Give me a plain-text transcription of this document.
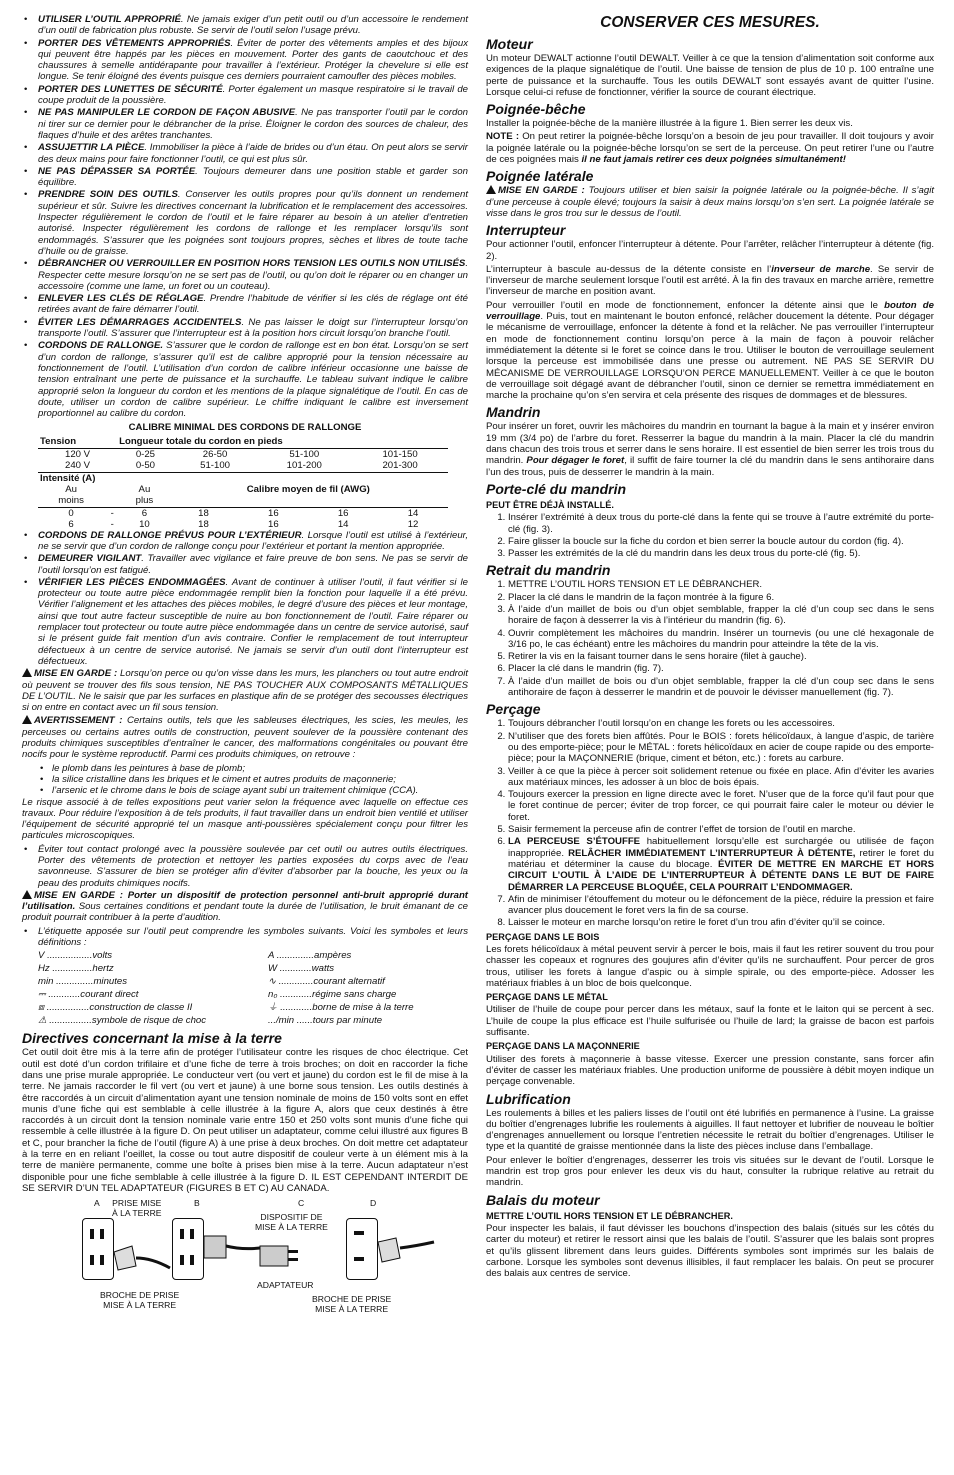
• UTILISER L’OUTIL APPROPRIÉ. Ne jamais exiger d’un petit outil ou d’un accessoire le rendement d’un outil de fabrication plus robuste. Se servir de l’outil selon l’usage prévu.
• PORTER DES VÊTEMENTS APPROPRIÉS. Éviter de porter des vêtements amples et des bijoux qui peuvent être happés par les pièces en mouvement. Porter des gants de caoutchouc et des chaussures à semelle antidérapante pour travailler à l’extérieur. Protéger la chevelure si elle est longue. Se tenir éloigné des évents puisque ces derniers pourraient camoufler des pièces mobiles.
• PORTER DES LUNETTES DE SÉCURITÉ. Porter également un masque respiratoire si le travail de coupe produit de la poussière.
• NE PAS MANIPULER LE CORDON DE FAÇON ABUSIVE. Ne pas transporter l’outil par le cordon ni tirer sur ce dernier pour le débrancher de la prise. Éloigner le cordon des sources de chaleur, des flaques d’huile et des arêtes tranchantes.
• ASSUJETTIR LA PIÈCE. Immobiliser la pièce à l’aide de brides ou d’un étau. On peut alors se servir des deux mains pour faire fonctionner l’outil, ce qui est plus sûr.
• NE PAS DÉPASSER SA PORTÉE. Toujours demeurer dans une position stable et garder son équilibre.
• PRENDRE SOIN DES OUTILS. Conserver les outils propres pour qu’ils donnent un rendement supérieur et sûr. Suivre les directives concernant la lubrification et le remplacement des accessoires. Inspecter régulièrement le cordon de l’outil et le faire réparer au besoin à un atelier d’entretien autorisé. Inspecter régulièrement les cordons de rallonge et les remplacer lorsqu’ils sont endommagés. S’assurer que les poignées sont toujours propres, sèches et libres de toute tache d’huile ou de graisse.
• DÉBRANCHER OU VERROUILLER EN POSITION HORS TENSION LES OUTILS NON UTILISÉS. Respecter cette mesure lorsqu’on ne se sert pas de l’outil, ou qu’on doit le réparer ou en changer un accessoire (comme une lame, un foret ou un couteau).
• ENLEVER LES CLÉS DE RÉGLAGE. Prendre l’habitude de vérifier si les clés de réglage ont été retirées avant de faire démarrer l’outil.
• ÉVITER LES DÉMARRAGES ACCIDENTELS. Ne pas laisser le doigt sur l’interrupteur lorsqu’on transporte l’outil. S’assurer que l’interrupteur est à la position hors circuit lorsqu’on branche l’outil.
• CORDONS DE RALLONGE. S’assurer que le cordon de rallonge est en bon état. Lorsqu’on se sert d’un cordon de rallonge, s’assurer qu’il est de calibre approprié pour la tension nécessaire au fonctionnement de l’outil. L’utilisation d’un cordon de calibre inférieur occasionne une baisse de tension entraînant une perte de puissance et la surchauffe. Le tableau suivant indique le calibre approprié selon la longueur du cordon et les mentions de la plaque signalétique de l’outil. En cas de doute, utiliser un cordon de calibre supérieur. Le chiffre indiquant le calibre est inversement proportionnel au calibre du cordon.
CALIBRE MINIMAL DES CORDONS DE RALLONGE
Tension	Longueur totale du cordon en pieds			

120 V	0-25	26-50	51-100	101-150
240 V	0-50	51-100	101-200	201-300

Intensité (A)						
Au		Au	Calibre moyen de fil (AWG)			
moins		plus				

0	-	6	18	16	16	14
6	-	10	18	16	14	12
• CORDONS DE RALLONGE PRÉVUS POUR L’EXTÉRIEUR. Lorsque l’outil est utilisé à l’extérieur, ne se servir que d’un cordon de rallonge conçu pour l’extérieur et portant la mention appropriée.
• DEMEURER VIGILANT. Travailler avec vigilance et faire preuve de bon sens. Ne pas se servir de l’outil lorsqu’on est fatigué.
• VÉRIFIER LES PIÈCES ENDOMMAGÉES. Avant de continuer à utiliser l’outil, il faut vérifier si le protecteur ou toute autre pièce endommagée remplit bien la fonction pour laquelle il a été prévu. Vérifier l’alignement et les attaches des pièces mobiles, le degré d’usure des pièces et leur montage, ainsi que tout autre facteur susceptible de nuire au bon fonctionnement de l’outil. Faire réparer ou remplacer tout protecteur ou toute autre pièce endommagée dans un centre de service autorisé, sauf si le présent guide fait mention d’un avis contraire. Confier le remplacement de tout interrupteur défectueux à un centre de service autorisé. Ne jamais se servir d’un outil dont l’interrupteur est défectueux.

MISE EN GARDE : Lorsqu’on perce ou qu’on visse dans les murs, les planchers ou tout autre endroit où peuvent se trouver des fils sous tension, NE PAS TOUCHER AUX COMPOSANTS MÉTALLIQUES DE L’OUTIL. Ne le saisir que par les surfaces en plastique afin de se protéger des secousses électriques si on entre en contact avec un fil sous tension.

AVERTISSEMENT : Certains outils, tels que les sableuses électriques, les scies, les meules, les perceuses ou certains autres outils de construction, peuvent soulever de la poussière contenant des produits chimiques susceptibles d’entraîner le cancer, des malformations congénitales ou pouvant être nocifs pour le système reproductif. Parmi ces produits chimiques, on retrouve :

• le plomb dans les peintures à base de plomb;
• la silice cristalline dans les briques et le ciment et autres produits de maçonnerie;
• l’arsenic et le chrome dans le bois de sciage ayant subi un traitement chimique (CCA).

Le risque associé à de telles expositions peut varier selon la fréquence avec laquelle on effectue ces travaux. Pour réduire l’exposition à de tels produits, il faut travailler dans un endroit bien ventilé et utiliser l’équipement de sécurité approprié tel un masque anti-poussières spécialement conçu pour filtrer les particules microscopiques.

• Éviter tout contact prolongé avec la poussière soulevée par cet outil ou autres outils électriques. Porter des vêtements de protection et nettoyer les parties exposées du corps avec de l’eau savonneuse. S’assurer de bien se protéger afin d’éviter d’absorber par la bouche, les yeux ou la peau des produits chimiques nocifs.

MISE EN GARDE : Porter un dispositif de protection personnel anti-bruit approprié durant l’utilisation. Sous certaines conditions et pendant toute la durée de l’utilisation, le bruit émanant de ce produit pourrait contribuer à la perte d’audition.

• L’étiquette apposée sur l’outil peut comprendre les symboles suivants. Voici les symboles et leurs définitions :
V .................volts	A ..............ampères
Hz ...............hertz	W ............watts
min ..............minutes	∿ .............courant alternatif
⎓ ............courant direct	n₀ ............régime sans charge
⧈ ................construction de classe II	⏚ ............borne de mise à la terre
⚠ ................symbole de risque de choc	.../min ......tours par minute
Directives concernant la mise à la terre

Cet outil doit être mis à la terre afin de protéger l’utilisateur contre les risques de choc électrique. Cet outil est doté d’un cordon trifilaire et d’une fiche de terre à trois broches; on doit en raccorder la fiche dans une prise murale appropriée. Le conducteur vert (ou vert et jaune) du cordon est le fil de mise à la terre. Ne jamais raccorder le fil vert (ou vert et jaune) à une borne sous tension. Les outils destinés à être raccordés à un circuit d’alimentation ayant une tension nominale de moins de 150 volts sont en effet munis d’une fiche qui est semblable à celle illustrée à la figure A, alors que ceux destinés à être raccordés à un circuit dont la tension nominale varie entre 150 et 250 volts sont munis d’une fiche qui ressemble à celle illustrée à la figure D. On peut utiliser un adaptateur, comme celui illustré aux figures B et C, pour brancher la fiche de l’outil (figure A) à une prise à deux broches. On doit mettre cet adaptateur à la terre en en reliant l’oeillet, la cosse ou tout autre dispositif de couleur verte à un élément mis à la terre de manière permanente, comme une boîte à prises bien mise à la terre. Aucun adaptateur n’est disponible pour une fiche semblable à celle illustrée à la figure D. IL EST CEPENDANT INTERDIT DE SE SERVIR D’UN TEL ADAPTATEUR (FIGURES B ET C) AU CANADA.

A PRISE MISE
À LA TERRE
B	C
DISPOSITIF DE
MISE À LA TERRE
D
ADAPTATEUR
BROCHE DE PRISE
MISE À LA TERRE
BROCHE DE PRISE
MISE À LA TERRE
CONSERVER CES MESURES.
Moteur

Un moteur DEWALT actionne l’outil DEWALT. Veiller à ce que la tension d’alimentation soit conforme aux exigences de la plaque signalétique de l’outil. Une baisse de tension de plus de 10 p. 100 entraîne une perte de puissance et la surchauffe. Tous les outils DEWALT sont essayés avant de quitter l’usine. Lorsque celui-ci refuse de fonctionner, vérifier la source de courant électrique.

Poignée-bêche

Installer la poignée-bêche de la manière illustrée à la figure 1. Bien serrer les deux vis.

NOTE : On peut retirer la poignée-bêche lorsqu’on a besoin de jeu pour travailler. Il doit toujours y avoir la poignée latérale ou la poignée-bêche lorsqu’on se sert de la perceuse. On peut retirer l’une ou l’autre de ces poignées mais il ne faut jamais retirer ces deux poignées simultanément!

Poignée latérale

MISE EN GARDE : Toujours utiliser et bien saisir la poignée latérale ou la poignée-bêche. Il s’agit d’une perceuse à couple élevé; toujours la saisir à deux mains lorsqu’on s’en sert. La poignée latérale se visse dans le gros trou sur le dessus de l’outil.

Interrupteur

Pour actionner l’outil, enfoncer l’interrupteur à détente. Pour l’arrêter, relâcher l’interrupteur à détente (fig. 2).

L’interrupteur à bascule au-dessus de la détente consiste en l’inverseur de marche. Se servir de l’inverseur de marche seulement lorsque l’outil est arrêté. À la fin des travaux en marche arrière, remettre l’inverseur de marche en position avant.

Pour verrouiller l’outil en mode de fonctionnement, enfoncer la détente ainsi que le bouton de verrouillage. Puis, tout en maintenant le bouton enfoncé, relâcher doucement la détente. Pour dégager le mécanisme de verrouillage, enfoncer la détente à fond et la relâcher. Ne pas verrouiller l’interrupteur en mode de fonctionnement continu lorsqu’on perce à la main de façon à pouvoir relâcher immédiatement la détente si le foret se coince dans le trou. Utiliser le bouton de verrouillage seulement lorsque la perceuse est immobilisée dans une presse ou autrement. NE PAS SE SERVIR DU MÉCANISME DE VERROUILLAGE LORSQU’ON PERCE MANUELLEMENT. Veiller à ce que le bouton de verrouillage soit dégagé avant de débrancher l’outil, sinon ce dernier se remettra immédiatement en marche la prochaine qu’on s’en servira et cela présente des risques de dommages et de blessures.

Mandrin

Pour insérer un foret, ouvrir les mâchoires du mandrin en tournant la bague à la main et y insérer environ 19 mm (3/4 po) de l’arbre du foret. Resserrer la bague du mandrin à la main. Placer la clé du mandrin dans chacun des trois trous et serrer dans le sens horaire. Il est essentiel de bien serrer les trois trous du mandrin. Pour dégager le foret, il suffit de faire tourner la clé du mandrin dans le sens antihoraire dans l’un des trous, puis de desserrer le mandrin à la main.

Porte-clé du mandrin
PEUT ÊTRE DÉJÀ INSTALLÉ.
1. Insérer l’extrémité à deux trous du porte-clé dans la fente qui se trouve à l’autre extrémité du porte-clé (fig. 3).
2. Faire glisser la boucle sur la fiche du cordon et bien serrer la boucle autour du cordon (fig. 4).
3. Passer les extrémités de la clé du mandrin dans les deux trous du porte-clé (fig. 5).
Retrait du mandrin
1. METTRE L’OUTIL HORS TENSION ET LE DÉBRANCHER.
2. Placer la clé dans le mandrin de la façon montrée à la figure 6.
3. À l’aide d’un maillet de bois ou d’un objet semblable, frapper la clé d’un coup sec dans le sens horaire de façon à desserrer la vis à l’intérieur du mandrin (fig. 6).
4. Ouvrir complètement les mâchoires du mandrin. Insérer un tournevis (ou une clé hexagonale de 3/16 po, le cas échéant) entre les mâchoires du mandrin pour atteindre la tête de la vis.
5. Retirer la vis en la faisant tourner dans le sens horaire (filet à gauche).
6. Placer la clé dans le mandrin (fig. 7).
7. À l’aide d’un maillet de bois ou d’un objet semblable, frapper la clé d’un coup sec dans le sens antihoraire de façon à desserrer le mandrin et de pouvoir le dévisser manuellement (fig. 7).
Perçage
1. Toujours débrancher l’outil lorsqu’on en change les forets ou les accessoires.
2. N’utiliser que des forets bien affûtés. Pour le BOIS : forets hélicoïdaux, à langue d’aspic, de tarière ou des emporte-pièce; pour le MÉTAL : forets hélicoïdaux en acier de coupe rapide ou des emporte-pièce; pour la MAÇONNERIE (brique, ciment et béton, etc.) : forets au carbure.
3. Veiller à ce que la pièce à percer soit solidement retenue ou fixée en place. Afin d’éviter les avaries aux matériaux minces, les adosser à un bloc de bois épais.
4. Toujours exercer la pression en ligne directe avec le foret. N’user que de la force qu’il faut pour que le foret continue de percer; éviter de trop forcer, ce qui pourrait faire caler le moteur ou dévier le foret.
5. Saisir fermement la perceuse afin de contrer l’effet de torsion de l’outil en marche.
6. LA PERCEUSE S’ÉTOUFFE habituellement lorsqu’elle est surchargée ou utilisée de façon inappropriée. RELÂCHER IMMÉDIATEMENT L’INTERRUPTEUR À DÉTENTE, retirer le foret du matériau et déterminer la cause du blocage. ÉVITER DE METTRE EN MARCHE ET HORS CIRCUIT L’OUTIL À L’AIDE DE L’INTERRUPTEUR À DÉTENTE DANS LE BUT DE FAIRE DÉMARRER LA PERCEUSE BLOQUÉE, CELA POURRAIT L’ENDOMMAGER.
7. Afin de minimiser l’étouffement du moteur ou le défoncement de la pièce, réduire la pression et faire avancer plus doucement le foret vers la fin de sa course.
8. Laisser le moteur en marche lorsqu’on retire le foret d’un trou afin d’éviter qu’il se coince.
PERÇAGE DANS LE BOIS

Les forets hélicoïdaux à métal peuvent servir à percer le bois, mais il faut les retirer souvent du trou pour chasser les copeaux et rognures des goujures afin d’éviter qu’ils ne surchauffent. Pour percer de gros trous, utiliser les forets à langue d’aspic ou à simple spirale, ou des emporte-pièce. Adosser les matériaux friables à un bloc de bois quelconque.

PERÇAGE DANS LE MÉTAL

Utiliser de l’huile de coupe pour percer dans les métaux, sauf la fonte et le laiton qui se percent à sec. L’huile de coupe la plus efficace est l’huile sulfurisée ou l’huile de lard; la graisse de bacon est parfois suffisante.

PERÇAGE DANS LA MAÇONNERIE

Utiliser des forets à maçonnerie à basse vitesse. Exercer une pression constante, sans forcer afin d’éviter de casser les matériaux friables. Une production uniforme de poussière à débit moyen indique un perçage convenable.

Lubrification

Les roulements à billes et les paliers lisses de l’outil ont été lubrifiés en permanence à l’usine. La graisse du boîtier d’engrenages lubrifie les roulements à aiguilles. Il faut nettoyer et lubrifier de nouveau le boîtier d’engrenages annuellement ou lorsque l’entretien nécessite le retrait du boîtier d’engrenages. Utiliser le type et la quantité de graisse mentionnée dans la liste des pièces incluse dans l’emballage.

Pour enlever le boîtier d’engrenages, desserrer les trois vis situées sur le devant de l’outil. Lorsque le mandrin est trop gros pour enlever les deux vis du haut, consulter la rubrique relative au retrait du mandrin.

Balais du moteur
METTRE L’OUTIL HORS TENSION ET LE DÉBRANCHER.

Pour inspecter les balais, il faut dévisser les bouchons d’inspection des balais (situés sur les côtés du carter du moteur) et retirer le ressort ainsi que les balais de l’outil. S’assurer que les balais sont propres et qu’ils glissent librement dans leurs guides. Différents symboles sont imprimés sur les balais de carbone. Lorsque les symboles sont devenus illisibles, il faut remplacer les balais. On peut se procurer des balais aux centres de service.
